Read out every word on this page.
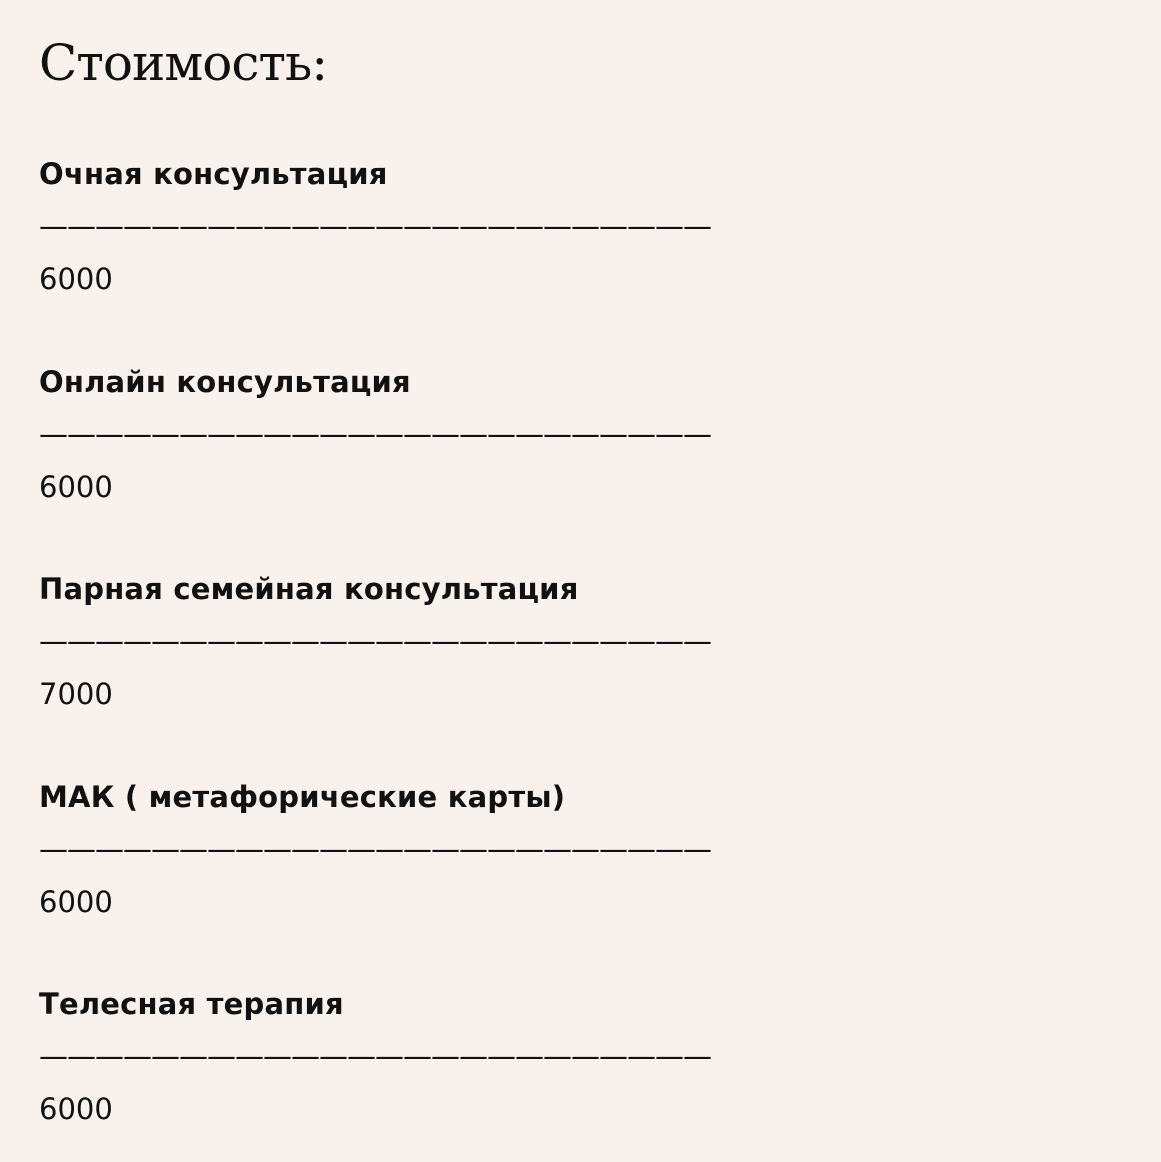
Стоимость:
Очная консультация
————————————————————————
6000
Онлайн консультация
————————————————————————
6000
Парная семейная консультация
————————————————————————
7000
МАК ( метафорические карты)
————————————————————————
6000
Телесная терапия
————————————————————————
6000
